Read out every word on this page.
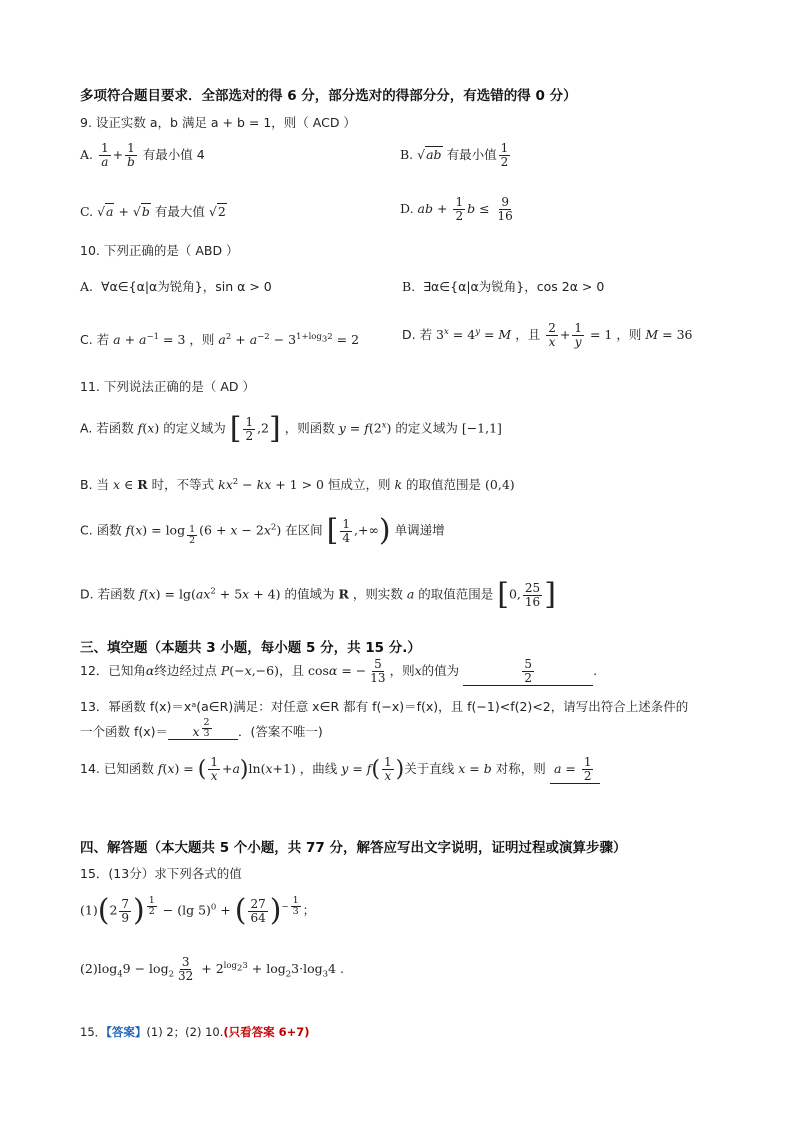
多项符合题目要求．全部选对的得 6 分，部分选对的得部分分，有选错的得 0 分）
9. 设正实数 a，b 满足 a + b = 1，则（ ACD ）
A. $\frac{1}{a} + \frac{1}{b}$ 有最小值 4	B. √ab 有最小值 $\frac{1}{2}$
C. √a + √b 有最大值 √2	D. ab + $\frac{1}{2}$ $b \le \frac{9}{16}$
10. 下列正确的是（ ABD ）
A.  ∀α∈{α|α为锐角}，sin α > 0	B.  ∃α∈{α|α为锐角}，cos 2α > 0
C. 若 $a + a^{-1} = 3$ ，则 $a^2 + a^{-2} - 3^{1+log_32} = 2$	D. 若 $3^x = 4^y = M$ ，且 $\frac{2}{x} + \frac{1}{y} = 1$ ，则 M = 36
11. 下列说法正确的是（ AD ）
A. 若函数 f(x) 的定义域为 [ $\frac{1}{2} ,2$] ，则函数 $y = f(2^x)$ 的定义域为 [−1,1]
B. 当 x ∈ R 时，不等式 $kx^2$ − kx + 1 > 0 恒成立，则 k 的取值范围是 (0,4)
C. 函数 f(x) = log $_{\frac{1}{2}}$ $(6 + x - 2x^2)$ 在区间 [ $\frac{1}{4}$ ,+∞) 单调递增
D. 若函数 $f(x) = \lg(ax^2 + 5x + 4)$ 的值域为 R ，则实数 a 的取值范围是 [0, $\frac{25}{16}$ ]
三、填空题（本题共 3 小题，每小题 5 分，共 15 分.）
12．已知角α终边经过点 P(−x,−6)，且 cosα = − $\frac{5}{13}$ ，则x的值为	$\frac{5}{2}$	.
13．幂函数 f(x)＝xᵃ(a∈R)满足：对任意 x∈R 都有 f(−x)＝f(x)，且 f(−1)<f(2)<2，请写出符合上述条件的
一个函数 f(x)＝ x $^{\frac{2}{3}}$ ．(答案不唯一)
14. 已知函数 f(x) = ( $\frac{1}{x} +a)\ln(x+1)$ ，曲线 $y = f( \frac{1}{x}$ )关于直线 x = b 对称，则 $a = \frac{1}{2}$
四、解答题（本大题共 5 个小题，共 77 分，解答应写出文字说明，证明过程或演算步骤）
15．(13分）求下列各式的值
$(1)(2 \frac{7}{9}$ ) $^{\frac{1}{2}}$ − (lg 5)$^0$ + ( $\frac{27}{64} )^{- \frac{1}{3}}$ ；
$(2)\log_49 - \log_2 \frac{3}{32} + 2^{log_23} + \log_23\cdot\log_34$ .
15．【答案】(1) 2；(2) 10.(只看答案 6+7)
